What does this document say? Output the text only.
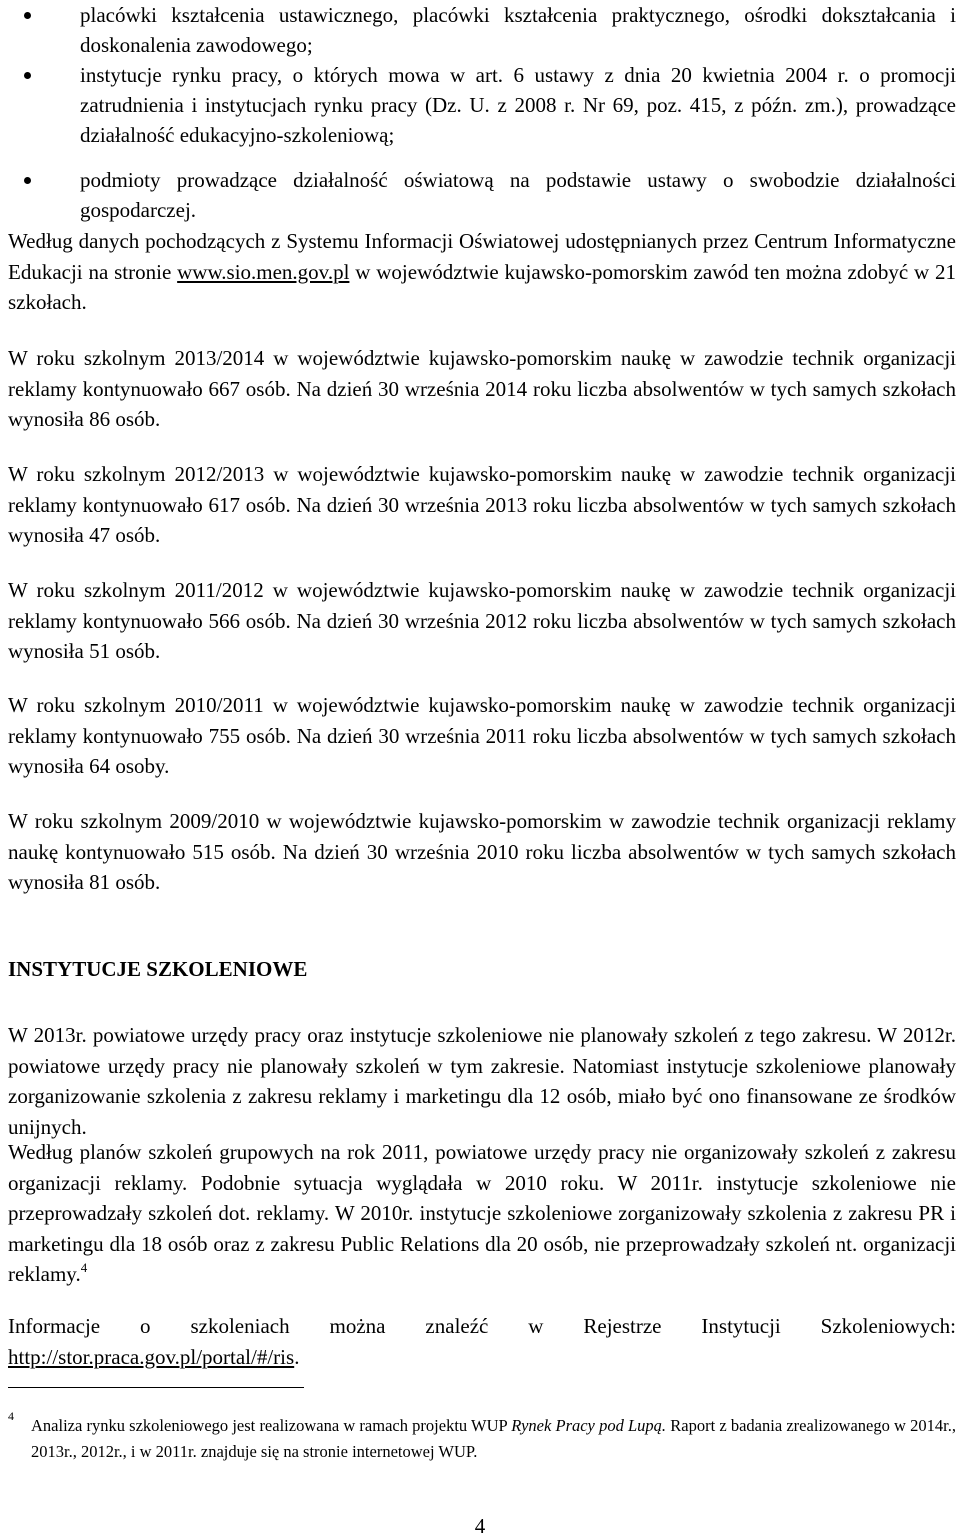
placówki kształcenia ustawicznego, placówki kształcenia praktycznego, ośrodki dokształcania i doskonalenia zawodowego;
instytucje rynku pracy, o których mowa w art. 6 ustawy z dnia 20 kwietnia 2004 r. o promocji zatrudnienia i instytucjach rynku pracy (Dz. U. z 2008 r. Nr 69, poz. 415, z późn. zm.), prowadzące działalność edukacyjno-szkoleniową;
podmioty prowadzące działalność oświatową na podstawie ustawy o swobodzie działalności gospodarczej.

Według danych pochodzących z Systemu Informacji Oświatowej udostępnianych przez Centrum Informatyczne Edukacji na stronie www.sio.men.gov.pl w województwie kujawsko-pomorskim zawód ten można zdobyć w 21 szkołach.

W roku szkolnym 2013/2014 w województwie kujawsko-pomorskim naukę w zawodzie technik organizacji reklamy kontynuowało 667 osób. Na dzień 30 września 2014 roku liczba absolwentów w tych samych szkołach wynosiła 86 osób.

W roku szkolnym 2012/2013 w województwie kujawsko-pomorskim naukę w zawodzie technik organizacji reklamy kontynuowało 617 osób. Na dzień 30 września 2013 roku liczba absolwentów w tych samych szkołach wynosiła 47 osób.

W roku szkolnym 2011/2012 w województwie kujawsko-pomorskim naukę w zawodzie technik organizacji reklamy kontynuowało 566 osób. Na dzień 30 września 2012 roku liczba absolwentów w tych samych szkołach wynosiła 51 osób.

W roku szkolnym 2010/2011 w województwie kujawsko-pomorskim naukę w zawodzie technik organizacji reklamy kontynuowało 755 osób. Na dzień 30 września 2011 roku liczba absolwentów w tych samych szkołach wynosiła 64 osoby.

W roku szkolnym 2009/2010 w województwie kujawsko-pomorskim w zawodzie technik organizacji reklamy naukę kontynuowało 515 osób. Na dzień 30 września 2010 roku liczba absolwentów w tych samych szkołach wynosiła 81 osób.

INSTYTUCJE SZKOLENIOWE

W 2013r. powiatowe urzędy pracy oraz instytucje szkoleniowe nie planowały szkoleń z tego zakresu. W 2012r. powiatowe urzędy pracy nie planowały szkoleń w tym zakresie. Natomiast instytucje szkoleniowe planowały zorganizowanie szkolenia z zakresu reklamy i marketingu dla 12 osób, miało być ono finansowane ze środków unijnych.

Według planów szkoleń grupowych na rok 2011, powiatowe urzędy pracy nie organizowały szkoleń z zakresu organizacji reklamy. Podobnie sytuacja wyglądała w 2010 roku. W 2011r. instytucje szkoleniowe nie przeprowadzały szkoleń dot. reklamy. W 2010r. instytucje szkoleniowe zorganizowały szkolenia z zakresu PR i marketingu dla 18 osób oraz z zakresu Public Relations dla 20 osób, nie przeprowadzały szkoleń nt. organizacji reklamy.$^4$

Informacje o szkoleniach można znaleźć w Rejestrze Instytucji Szkoleniowych: http://stor.praca.gov.pl/portal/#/ris.

4 Analiza rynku szkoleniowego jest realizowana w ramach projektu WUP Rynek Pracy pod Lupą. Raport z badania zrealizowanego w 2014r., 2013r., 2012r., i w 2011r. znajduje się na stronie internetowej WUP.

4
